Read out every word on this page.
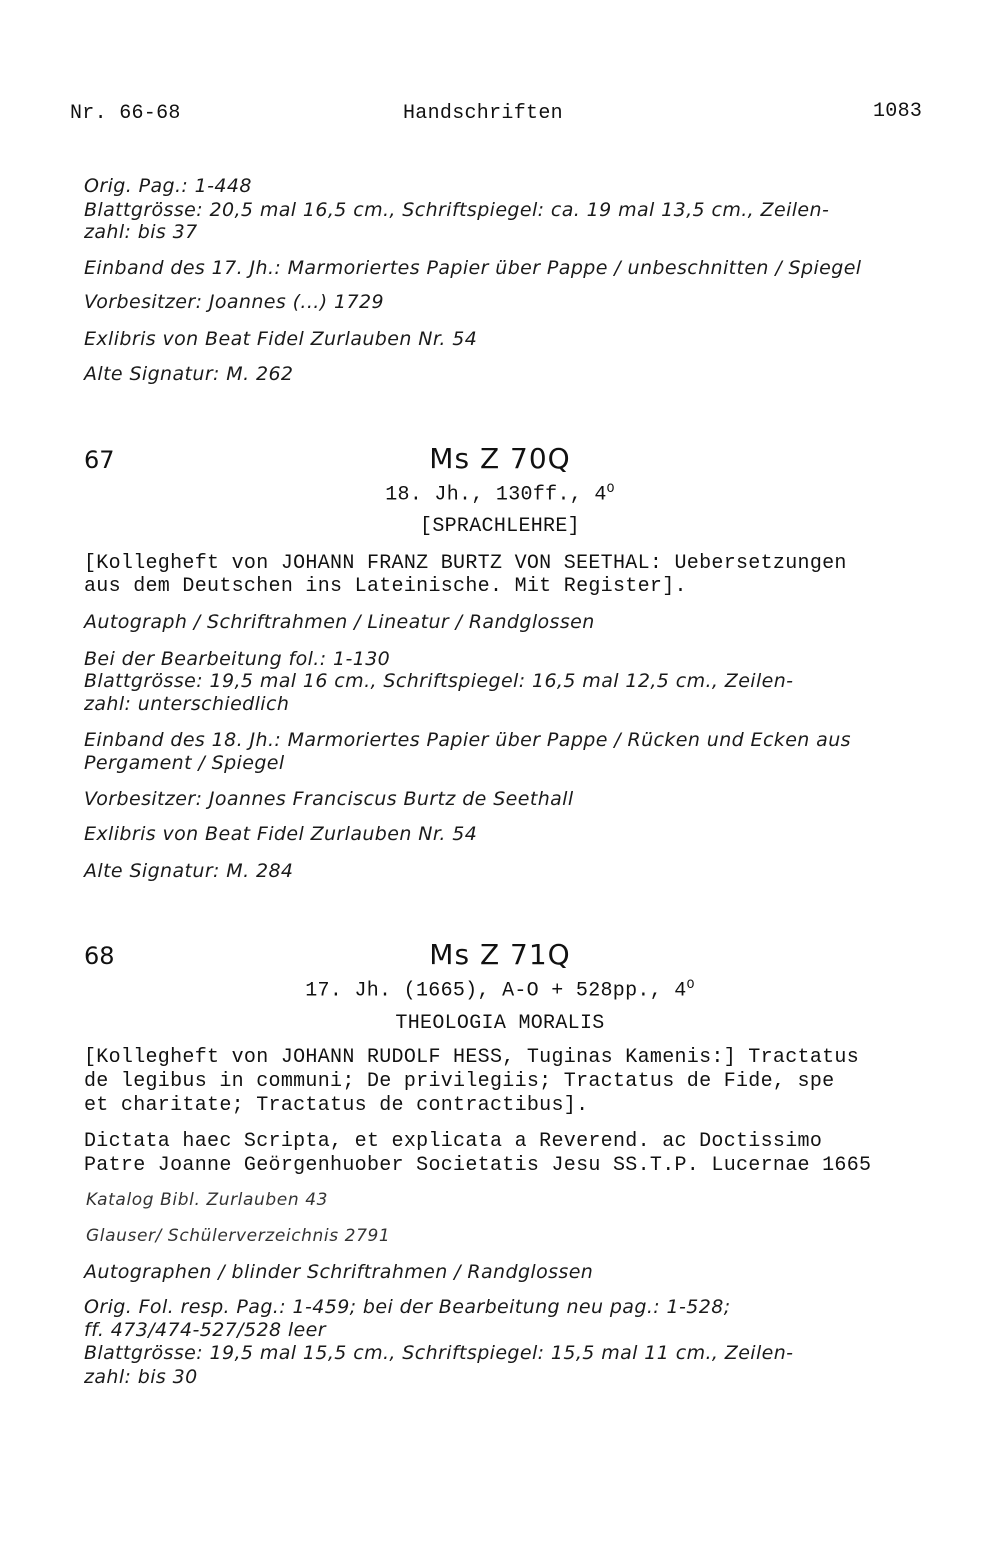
Nr. 66-68	Handschriften	1083
Orig. Pag.: 1-448
Blattgrösse: 20,5 mal 16,5 cm., Schriftspiegel: ca. 19 mal 13,5 cm., Zeilen-
zahl: bis 37
Einband des 17. Jh.: Marmoriertes Papier über Pappe / unbeschnitten / Spiegel
Vorbesitzer: Joannes (...) 1729
Exlibris von Beat Fidel Zurlauben Nr. 54
Alte Signatur: M. 262
67	Ms Z 70Q
18. Jh., 130ff., $4^O$
[SPRACHLEHRE]
[Kollegheft von JOHANN FRANZ BURTZ VON SEETHAL: Uebersetzungen
aus dem Deutschen ins Lateinische. Mit Register].
Autograph / Schriftrahmen / Lineatur / Randglossen
Bei der Bearbeitung fol.: 1-130
Blattgrösse: 19,5 mal 16 cm., Schriftspiegel: 16,5 mal 12,5 cm., Zeilen-
zahl: unterschiedlich
Einband des 18. Jh.: Marmoriertes Papier über Pappe / Rücken und Ecken aus
Pergament / Spiegel
Vorbesitzer: Joannes Franciscus Burtz de Seethall
Exlibris von Beat Fidel Zurlauben Nr. 54
Alte Signatur: M. 284
68	Ms Z 71Q
17. Jh. (1665), A-O + 528pp., $4^O$
THEOLOGIA MORALIS
[Kollegheft von JOHANN RUDOLF HESS, Tuginas Kamenis:] Tractatus
de legibus in communi; De privilegiis; Tractatus de Fide, spe
et charitate; Tractatus de contractibus].
Dictata haec Scripta, et explicata a Reverend. ac Doctissimo
Patre Joanne Geörgenhuober Societatis Jesu SS.T.P. Lucernae 1665
Katalog Bibl. Zurlauben 43
Glauser/ Schülerverzeichnis 2791
Autographen / blinder Schriftrahmen / Randglossen
Orig. Fol. resp. Pag.: 1-459; bei der Bearbeitung neu pag.: 1-528;
ff. 473/474-527/528 leer
Blattgrösse: 19,5 mal 15,5 cm., Schriftspiegel: 15,5 mal 11 cm., Zeilen-
zahl: bis 30
